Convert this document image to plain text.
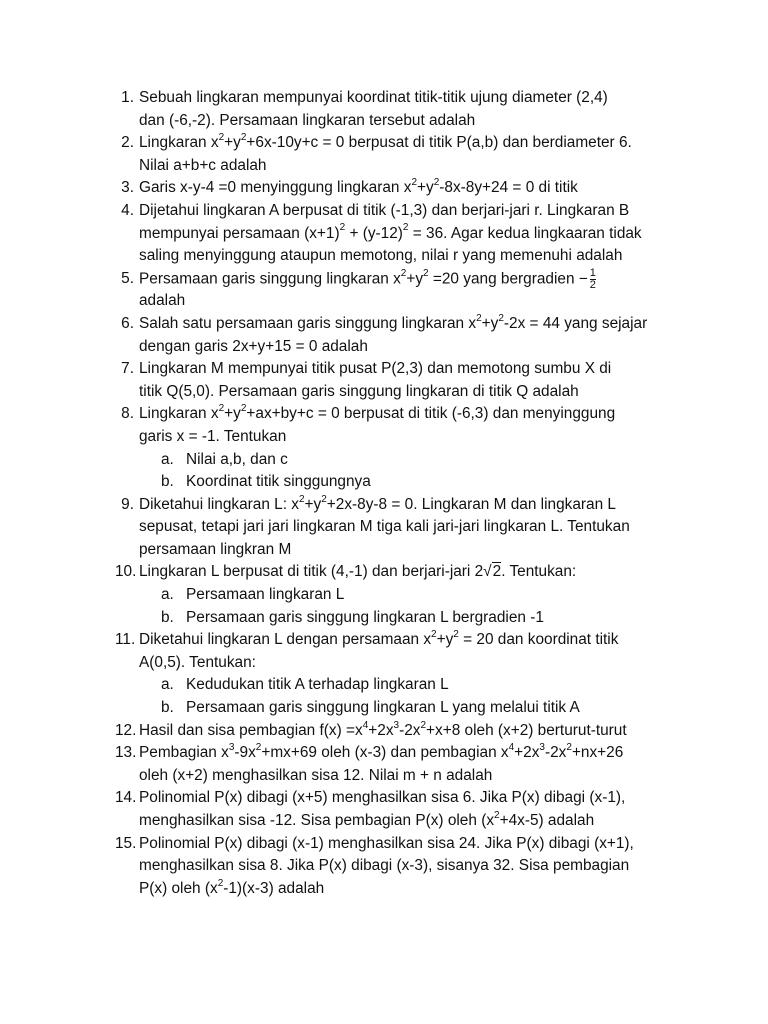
1. Sebuah lingkaran mempunyai koordinat titik-titik ujung diameter (2,4)
dan (-6,-2). Persamaan lingkaran tersebut adalah
2. Lingkaran $x^2+y^2+6x-10y+c = 0$ berpusat di titik P(a,b) dan berdiameter 6.
Nilai a+b+c adalah
3. Garis x-y-4 =0 menyinggung lingkaran $x^2+y^2-8x-8y+24 = 0$ di titik
4. Dijetahui lingkaran A berpusat di titik (-1,3) dan berjari-jari r. Lingkaran B
mempunyai persamaan $(x+1)^2 + (y-12)^2 = 36$. Agar kedua lingkaaran tidak
saling menyinggung ataupun memotong, nilai r yang memenuhi adalah
5. Persamaan garis singgung lingkaran $x^2+y^2 =20$ yang bergradien − $\frac{1}{2}$
adalah
6. Salah satu persamaan garis singgung lingkaran $x^2+y^2-2x = 44$ yang sejajar
dengan garis 2x+y+15 = 0 adalah
7. Lingkaran M mempunyai titik pusat P(2,3) dan memotong sumbu X di
titik Q(5,0). Persamaan garis singgung lingkaran di titik Q adalah
8. Lingkaran $x^2+y^2+ax+by+c = 0$ berpusat di titik (-6,3) dan menyinggung
garis x = -1. Tentukan
a. Nilai a,b, dan c
b. Koordinat titik singgungnya
9. Diketahui lingkaran L: $x^2+y^2+2x-8y-8 = 0$. Lingkaran M dan lingkaran L
sepusat, tetapi jari jari lingkaran M tiga kali jari-jari lingkaran L. Tentukan
persamaan lingkran M
10. Lingkaran L berpusat di titik (4,-1) dan berjari-jari 2√2. Tentukan:
a. Persamaan lingkaran L
b. Persamaan garis singgung lingkaran L bergradien -1
11. Diketahui lingkaran L dengan persamaan $x^2+y^2 = 20$ dan koordinat titik
A(0,5). Tentukan:
a. Kedudukan titik A terhadap lingkaran L
b. Persamaan garis singgung lingkaran L yang melalui titik A
12. Hasil dan sisa pembagian $f(x) =x^4+2x^3-2x^2+x+8$ oleh (x+2) berturut-turut
13. Pembagian $x^3-9x^2+mx+69$ oleh (x-3) dan pembagian $x^4+2x^3-2x^2+nx+26$
oleh (x+2) menghasilkan sisa 12. Nilai m + n adalah
14. Polinomial P(x) dibagi (x+5) menghasilkan sisa 6. Jika P(x) dibagi (x-1),
menghasilkan sisa -12. Sisa pembagian P(x) oleh $(x^2+4x-5)$ adalah
15. Polinomial P(x) dibagi (x-1) menghasilkan sisa 24. Jika P(x) dibagi (x+1),
menghasilkan sisa 8. Jika P(x) dibagi (x-3), sisanya 32. Sisa pembagian
P(x) oleh $(x^2-1)(x-3)$ adalah
